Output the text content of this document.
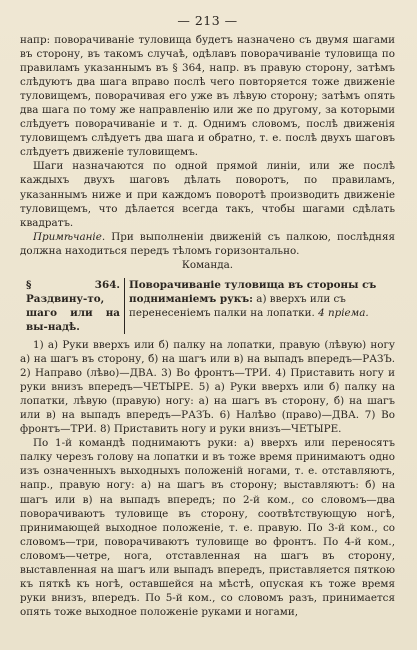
— 213 —

напр: поворачиваніе туловища будетъ назначено съ двумя шагами въ сторону, въ такомъ случаѣ, одѣлавъ поворачиваніе туловища по правиламъ указаннымъ въ § 364, напр. въ правую сторону, затѣмъ слѣдуютъ два шага вправо послѣ чего повторяется тоже движеніе туловищемъ, поворачивая его уже въ лѣвую сторону; затѣмъ опять два шага по тому же направленію или же по другому, за которыми слѣдуетъ поворачиваніе и т. д. Однимъ словомъ, послѣ движенія туловищемъ слѣдуетъ два шага и обратно, т. е. послѣ двухъ шаговъ слѣдуетъ движеніе туловищемъ.

Шаги назначаются по одной прямой линіи, или же послѣ каждыхъ двухъ шаговъ дѣлать поворотъ, по правиламъ, указаннымъ ниже и при каждомъ поворотѣ производить движеніе туловищемъ, что дѣлается всегда такъ, чтобы шагами сдѣлать квадратъ.

Примѣчаніе. При выполненіи движеній съ палкою, послѣдняя должна находиться передъ тѣломъ горизонтально.

Команда.

§ 364. Раздвину-то, шаго или на вы-надѣ.
Поворачиваніе туловища въ стороны съ подниманіемъ рукъ: а) вверхъ или съ перенесеніемъ палки на лопатки. 4 пріема.

1) а) Руки вверхъ или б) палку на лопатки, правую (лѣвую) ногу а) на шагъ въ сторону, б) на шагъ или в) на выпадъ впередъ—РАЗЪ. 2) Направо (лѣво)—ДВА. 3) Во фронтъ—ТРИ. 4) Приставить ногу и руки внизъ впередъ—ЧЕТЫРЕ. 5) а) Руки вверхъ или б) палку на лопатки, лѣвую (правую) ногу: а) на шагъ въ сторону, б) на шагъ или в) на выпадъ впередъ—РАЗЪ. 6) Налѣво (право)—ДВА. 7) Во фронтъ—ТРИ. 8) Приставить ногу и руки внизъ—ЧЕТЫРЕ.

По 1-й командѣ поднимаютъ руки: а) вверхъ или переносятъ палку черезъ голову на лопатки и въ тоже время принимаютъ одно изъ означенныхъ выходныхъ положеній ногами, т. е. отставляютъ, напр., правую ногу: а) на шагъ въ сторону; выставляютъ: б) на шагъ или в) на выпадъ впередъ; по 2-й ком., со словомъ—два поворачиваютъ туловище въ сторону, соотвѣтствующую ногѣ, принимающей выходное положеніе, т. е. правую. По 3-й ком., со словомъ—три, поворачиваютъ туловище во фронтъ. По 4-й ком., словомъ—четре, нога, отставленная на шагъ въ сторону, выставленная на шагъ или выпадъ впередъ, приставляется пяткою къ пяткѣ къ ногѣ, оставшейся на мѣстѣ, опуская къ тоже время руки внизъ, впередъ. По 5-й ком., со словомъ разъ, принимается опять тоже выходное положеніе руками и ногами,
